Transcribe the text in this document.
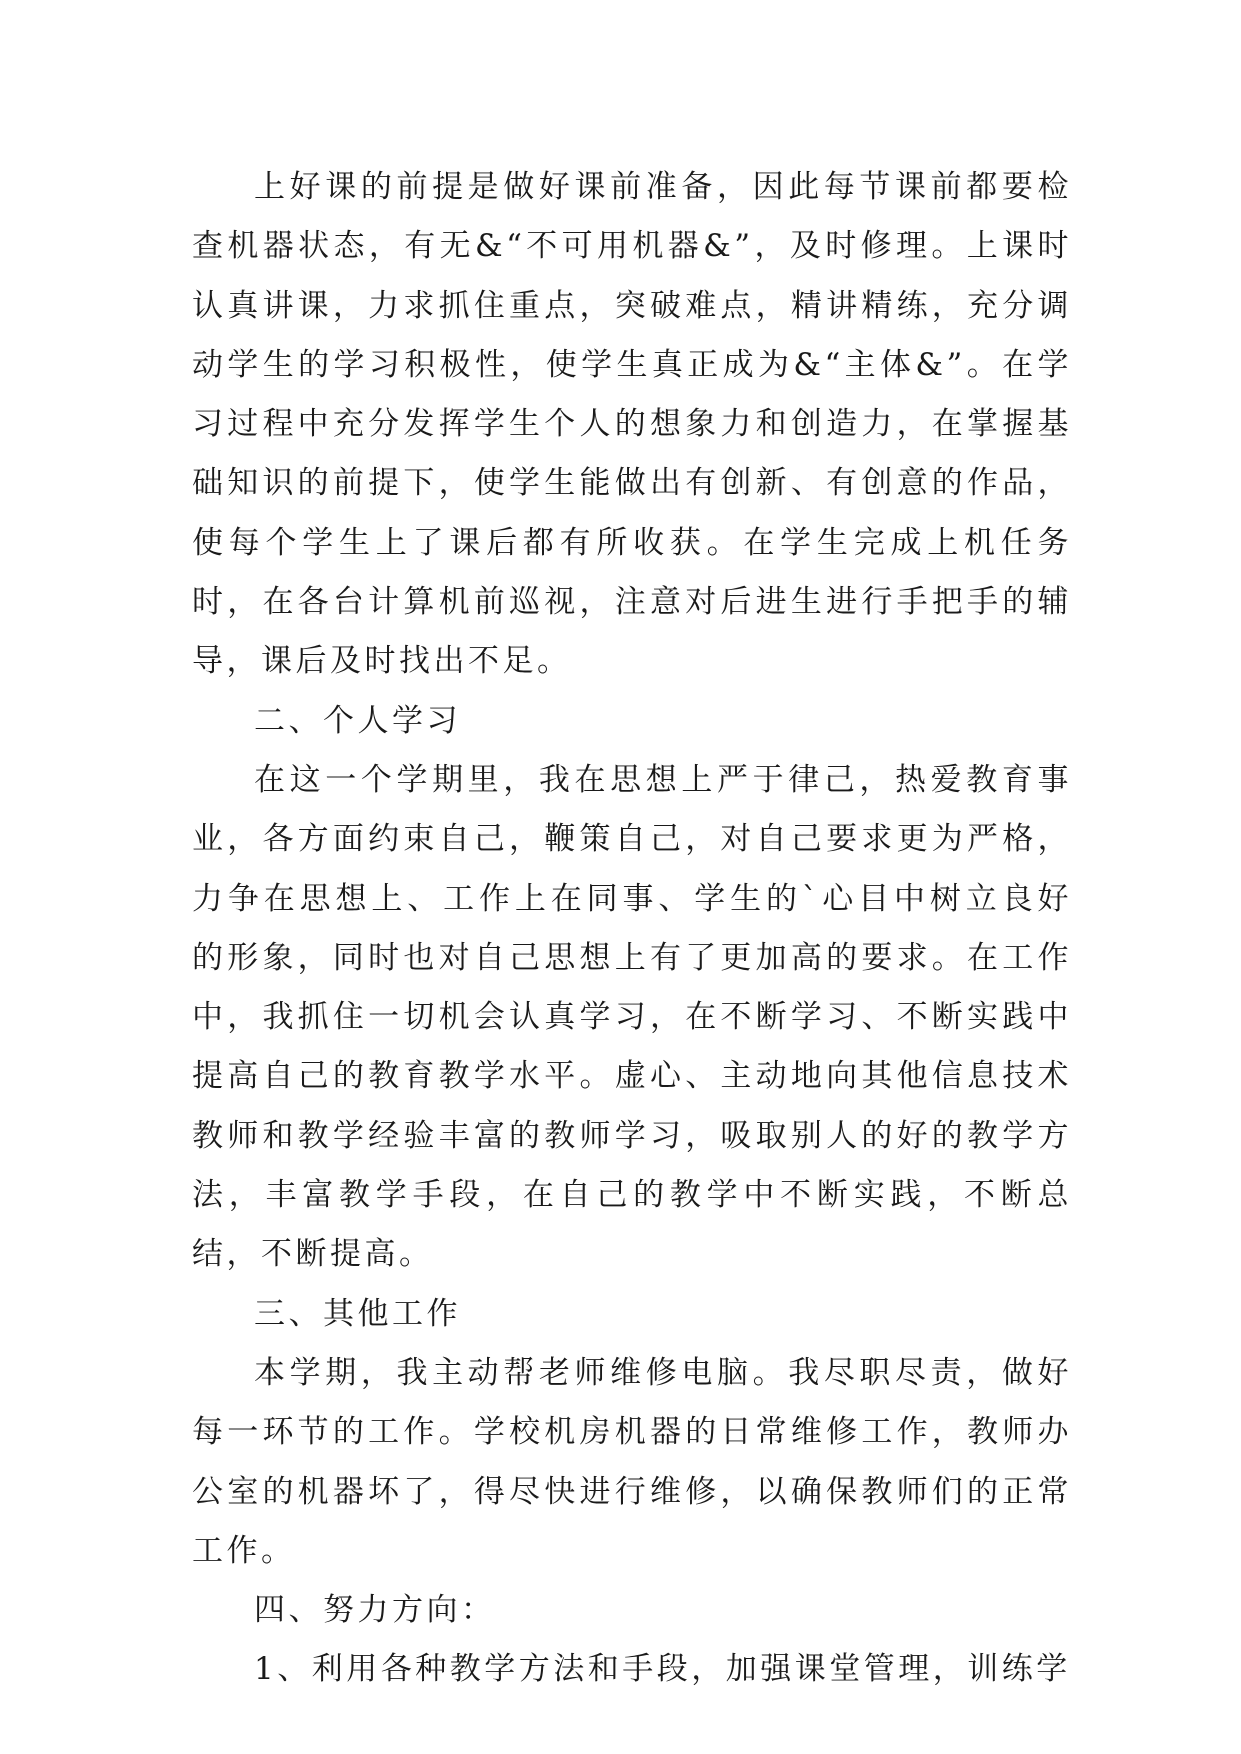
上好课的前提是做好课前准备，因此每节课前都要检查机器状态，有无&“不可用机器&”，及时修理。上课时认真讲课，力求抓住重点，突破难点，精讲精练，充分调动学生的学习积极性，使学生真正成为&“主体&”。在学习过程中充分发挥学生个人的想象力和创造力，在掌握基础知识的前提下，使学生能做出有创新、有创意的作品，使每个学生上了课后都有所收获。在学生完成上机任务时，在各台计算机前巡视，注意对后进生进行手把手的辅导，课后及时找出不足。

二、个人学习

在这一个学期里，我在思想上严于律己，热爱教育事业，各方面约束自己，鞭策自己，对自己要求更为严格，力争在思想上、工作上在同事、学生的`心目中树立良好的形象，同时也对自己思想上有了更加高的要求。在工作中，我抓住一切机会认真学习，在不断学习、不断实践中提高自己的教育教学水平。虚心、主动地向其他信息技术教师和教学经验丰富的教师学习，吸取别人的好的教学方法，丰富教学手段，在自己的教学中不断实践，不断总结，不断提高。

三、其他工作

本学期，我主动帮老师维修电脑。我尽职尽责，做好每一环节的工作。学校机房机器的日常维修工作，教师办公室的机器坏了，得尽快进行维修，以确保教师们的正常工作。

四、努力方向：

1、利用各种教学方法和手段，加强课堂管理，训练学
